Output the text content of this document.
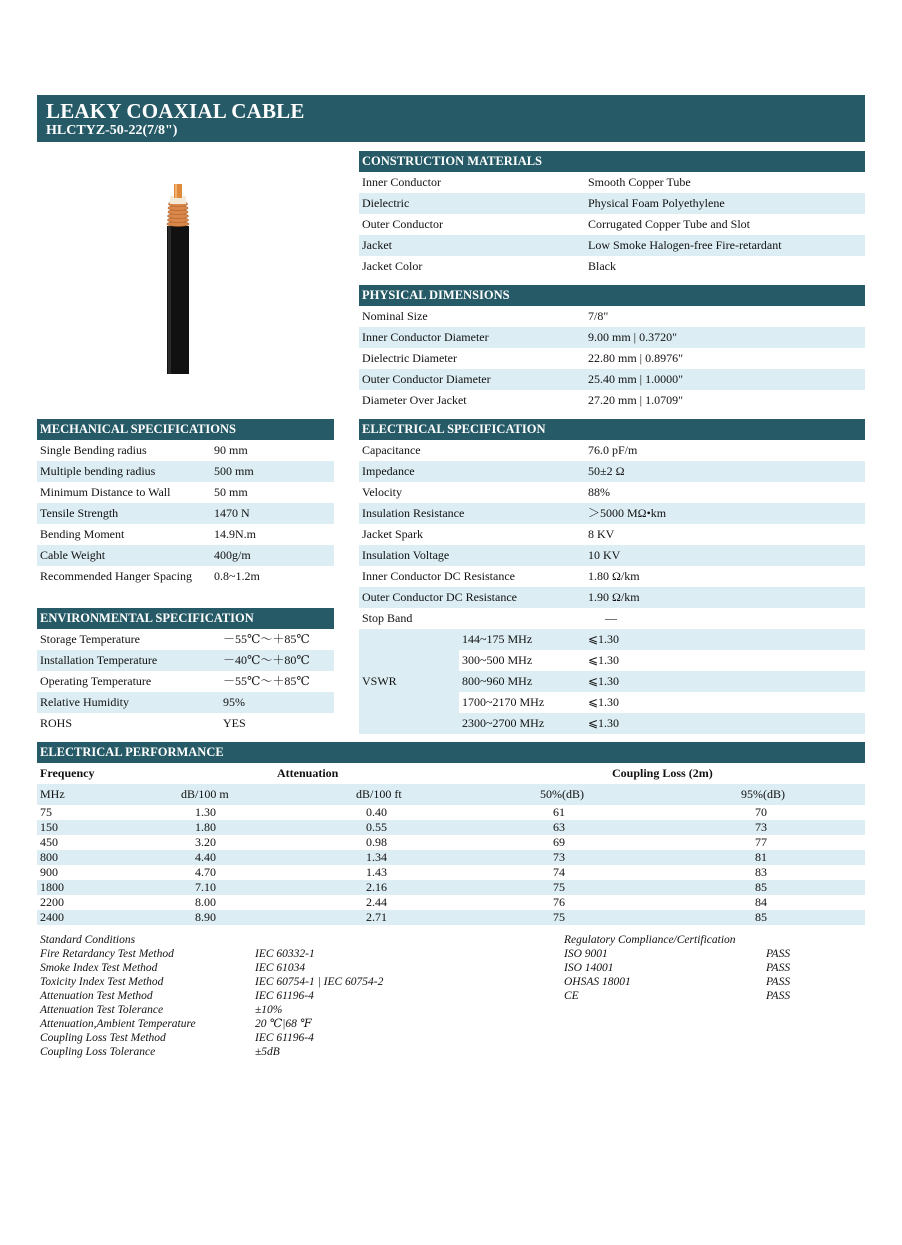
LEAKY COAXIAL CABLE
HLCTYZ-50-22(7/8")
CONSTRUCTION MATERIALS
Inner Conductor	Smooth Copper Tube
Dielectric	Physical Foam Polyethylene
Outer Conductor	Corrugated Copper Tube and Slot
Jacket	Low Smoke Halogen-free Fire-retardant
Jacket Color	Black
PHYSICAL DIMENSIONS
Nominal Size	7/8"
Inner Conductor Diameter	9.00 mm | 0.3720"
Dielectric Diameter	22.80 mm | 0.8976"
Outer Conductor Diameter	25.40 mm | 1.0000"
Diameter Over Jacket	27.20 mm | 1.0709"
MECHANICAL SPECIFICATIONS
Single Bending radius	90 mm
Multiple bending radius	500 mm
Minimum Distance to Wall	50 mm
Tensile Strength	1470 N
Bending Moment	14.9N.m
Cable Weight	400g/m
Recommended Hanger Spacing 0.8~1.2m
ENVIRONMENTAL SPECIFICATION
Storage Temperature	－55℃～＋85℃
Installation Temperature	－40℃～＋80℃
Operating Temperature	－55℃～＋85℃
Relative Humidity	95%
ROHS	YES
ELECTRICAL SPECIFICATION
Capacitance	76.0 pF/m
Impedance	50±2 Ω
Velocity	88%
Insulation Resistance	＞5000 MΩ•km
Jacket Spark	8 KV
Insulation Voltage	10 KV
Inner Conductor DC Resistance	1.80 Ω/km
Outer Conductor DC Resistance	1.90 Ω/km
Stop Band	—
VSWR
144~175 MHz	⩽1.30
300~500 MHz	⩽1.30
800~960 MHz	⩽1.30
1700~2170 MHz	⩽1.30
2300~2700 MHz	⩽1.30
ELECTRICAL PERFORMANCE
Frequency	Attenuation	Coupling Loss (2m)
MHz	dB/100 m	dB/100 ft	50%(dB)	95%(dB)
75	1.30	0.40	61	70
150	1.80	0.55	63	73
450	3.20	0.98	69	77
800	4.40	1.34	73	81
900	4.70	1.43	74	83
1800	7.10	2.16	75	85
2200	8.00	2.44	76	84
2400	8.90	2.71	75	85
Standard Conditions
Fire Retardancy Test Method	IEC 60332-1
Smoke Index Test Method	IEC 61034
Toxicity Index Test Method	IEC 60754-1 | IEC 60754-2
Attenuation Test Method	IEC 61196-4
Attenuation Test Tolerance	±10%
Attenuation,Ambient Temperature	20 ℃|68 ℉
Coupling Loss Test Method	IEC 61196-4
Coupling Loss Tolerance	±5dB
Regulatory Compliance/Certification
ISO 9001	PASS
ISO 14001	PASS
OHSAS 18001	PASS
CE	PASS
